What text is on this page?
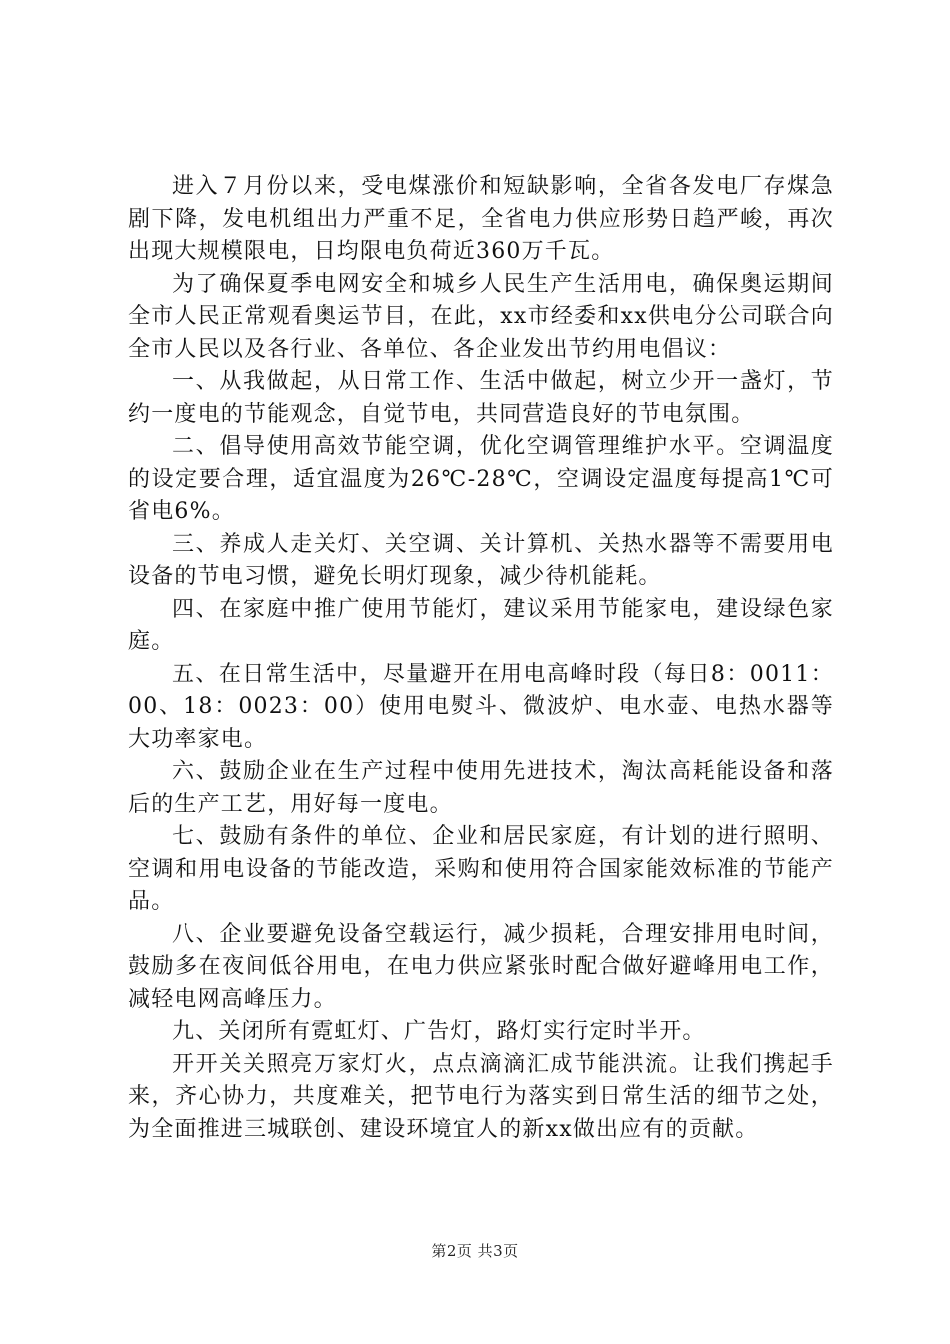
进入７月份以来，受电煤涨价和短缺影响，全省各发电厂存煤急剧下降，发电机组出力严重不足，全省电力供应形势日趋严峻，再次出现大规模限电，日均限电负荷近360万千瓦。

为了确保夏季电网安全和城乡人民生产生活用电，确保奥运期间全市人民正常观看奥运节目，在此，xx市经委和xx供电分公司联合向全市人民以及各行业、各单位、各企业发出节约用电倡议：

一、从我做起，从日常工作、生活中做起，树立少开一盏灯，节约一度电的节能观念，自觉节电，共同营造良好的节电氛围。

二、倡导使用高效节能空调，优化空调管理维护水平。空调温度的设定要合理，适宜温度为26℃-28℃，空调设定温度每提高1℃可省电6%。

三、养成人走关灯、关空调、关计算机、关热水器等不需要用电设备的节电习惯，避免长明灯现象，减少待机能耗。

四、在家庭中推广使用节能灯，建议采用节能家电，建设绿色家庭。

五、在日常生活中，尽量避开在用电高峰时段（每日8：0011：00、18：0023：00）使用电熨斗、微波炉、电水壶、电热水器等大功率家电。

六、鼓励企业在生产过程中使用先进技术，淘汰高耗能设备和落后的生产工艺，用好每一度电。

七、鼓励有条件的单位、企业和居民家庭，有计划的进行照明、空调和用电设备的节能改造，采购和使用符合国家能效标准的节能产品。

八、企业要避免设备空载运行，减少损耗，合理安排用电时间，鼓励多在夜间低谷用电，在电力供应紧张时配合做好避峰用电工作，减轻电网高峰压力。

九、关闭所有霓虹灯、广告灯，路灯实行定时半开。

开开关关照亮万家灯火，点点滴滴汇成节能洪流。让我们携起手来，齐心协力，共度难关，把节电行为落实到日常生活的细节之处，为全面推进三城联创、建设环境宜人的新xx做出应有的贡献。

第2页 共3页
